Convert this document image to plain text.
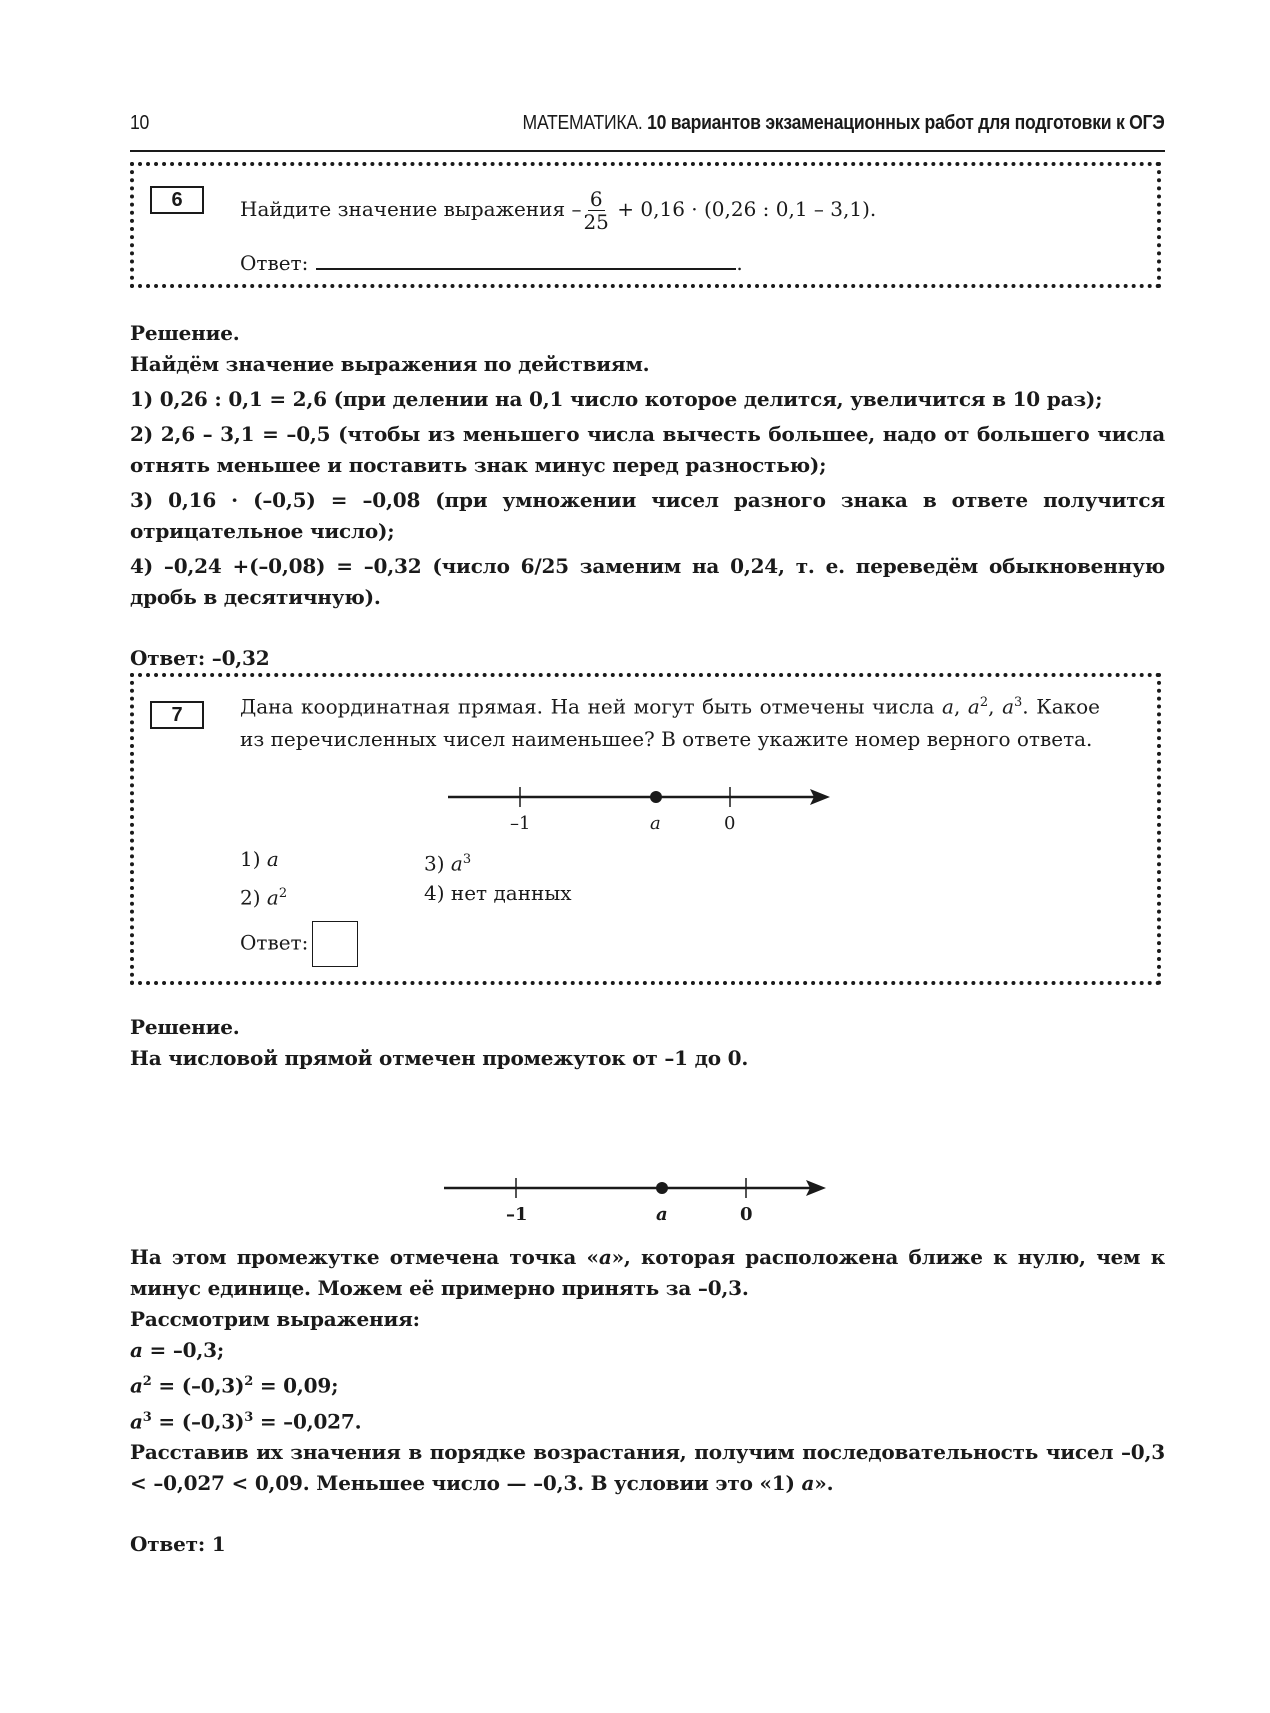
10	МАТЕМАТИКА. 10 вариантов экзаменационных работ для подготовки к ОГЭ
6	Найдите значение выражения – $\frac{6}{25} + 0,16 \cdot (0,26$ : 0,1 – 3,1).
Ответ:	.

Решение.

Найдём значение выражения по действиям.

1) 0,26 : 0,1 = 2,6 (при делении на 0,1 число которое делится, увеличится в 10 раз);

2) 2,6 – 3,1 = –0,5 (чтобы из меньшего числа вычесть большее, надо от большего числа отнять меньшее и поставить знак минус перед разностью);

3) 0,16 · (–0,5) = –0,08 (при умножении чисел разного знака в ответе получится отрицательное число);

4) –0,24 +(–0,08) = –0,32 (число 6/25 заменим на 0,24, т. е. переведём обыкновенную дробь в десятичную).

Ответ: –0,32

7	Дана координатная прямая. На ней могут быть отмечены числа a, $a^2$, $a^3$. Какое из перечисленных чисел наименьшее? В ответе укажите номер верного ответа.
–1	a	0
1) a	3) $a^3$
2) $a^2$	4) нет данных
Ответ:

Решение.

На числовой прямой отмечен промежуток от –1 до 0.

–1	a	0

На этом промежутке отмечена точка «a», которая расположена ближе к нулю, чем к минус единице. Можем её примерно принять за –0,3.

Рассмотрим выражения:

a = –0,3;

$a^2 = (-0,3)^2 = 0,09$;

$a^3 = (-0,3)^3 = -0,027$.

Расставив их значения в порядке возрастания, получим последовательность чисел –0,3 < –0,027 < 0,09. Меньшее число — –0,3. В условии это «1) a».

Ответ: 1
